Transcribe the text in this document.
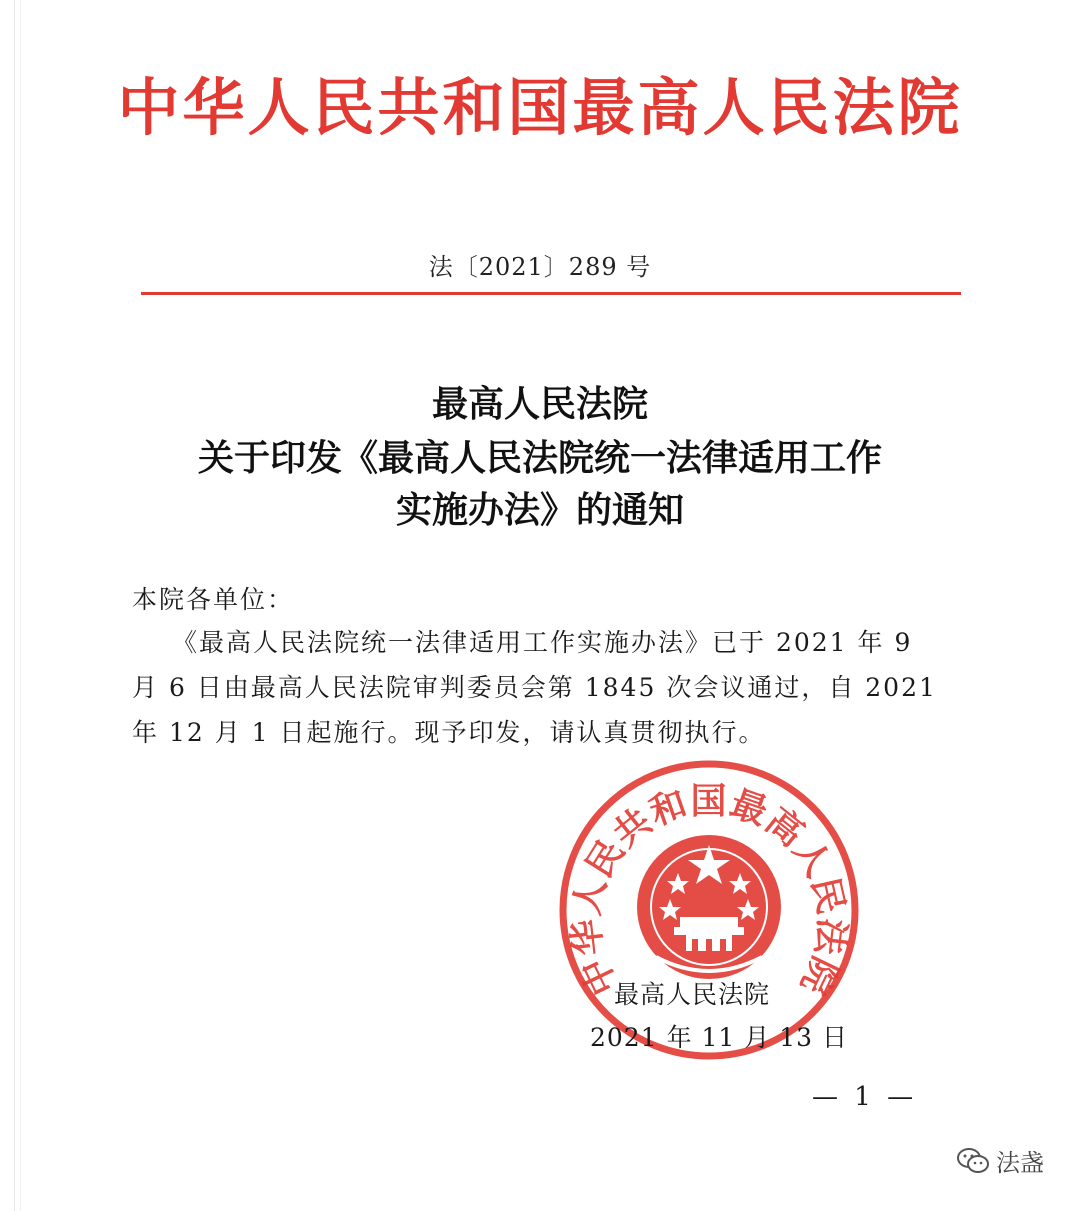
中华人民共和国最高人民法院
法〔2021〕289 号
最高人民法院
关于印发《最高人民法院统一法律适用工作
实施办法》的通知
本院各单位：
《最高人民法院统一法律适用工作实施办法》已于 2021 年 9
月 6 日由最高人民法院审判委员会第 1845 次会议通过，自 2021
年 12 月 1 日起施行。现予印发，请认真贯彻执行。
中华人民共和国最高人民法院
最高人民法院
2021 年 11 月 13 日
— 1 —
法盏
